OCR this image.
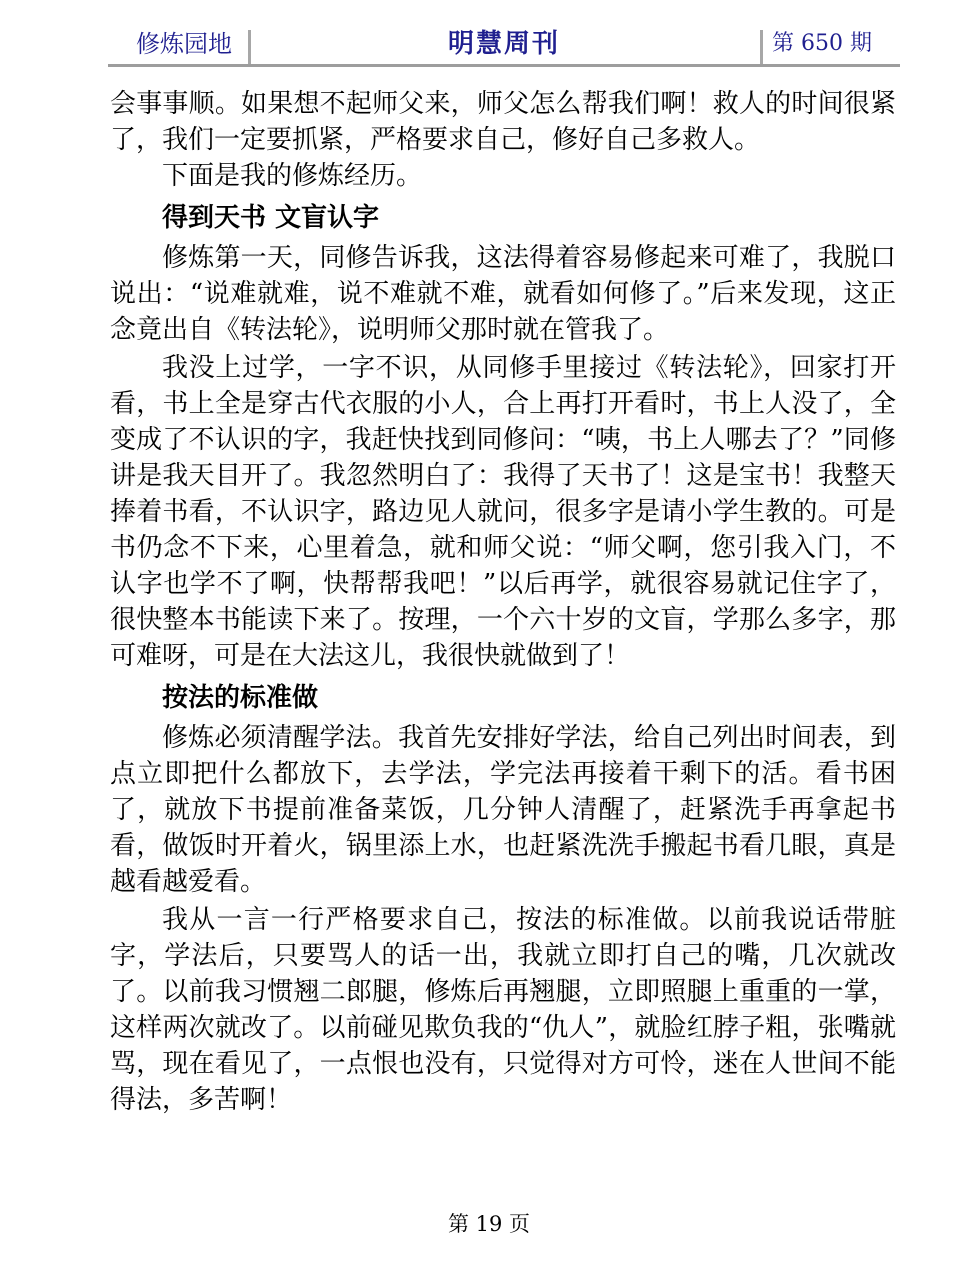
修炼园地	明慧周刊	第 650 期

会事事顺。如果想不起师父来，师父怎么帮我们啊！救人的时间很紧了，我们一定要抓紧，严格要求自己，修好自己多救人。

下面是我的修炼经历。

得到天书 文盲认字

修炼第一天，同修告诉我，这法得着容易修起来可难了，我脱口说出：“说难就难，说不难就不难，就看如何修了。”后来发现，这正念竟出自《转法轮》，说明师父那时就在管我了。

我没上过学，一字不识，从同修手里接过《转法轮》，回家打开看，书上全是穿古代衣服的小人，合上再打开看时，书上人没了，全变成了不认识的字，我赶快找到同修问：“咦，书上人哪去了？”同修讲是我天目开了。我忽然明白了：我得了天书了！这是宝书！我整天捧着书看，不认识字，路边见人就问，很多字是请小学生教的。可是书仍念不下来，心里着急，就和师父说：“师父啊，您引我入门，不认字也学不了啊，快帮帮我吧！”以后再学，就很容易就记住字了，很快整本书能读下来了。按理，一个六十岁的文盲，学那么多字，那可难呀，可是在大法这儿，我很快就做到了！

按法的标准做

修炼必须清醒学法。我首先安排好学法，给自己列出时间表，到点立即把什么都放下，去学法，学完法再接着干剩下的活。看书困了，就放下书提前准备菜饭，几分钟人清醒了，赶紧洗手再拿起书看，做饭时开着火，锅里添上水，也赶紧洗洗手搬起书看几眼，真是越看越爱看。

我从一言一行严格要求自己，按法的标准做。以前我说话带脏字，学法后，只要骂人的话一出，我就立即打自己的嘴，几次就改了。以前我习惯翘二郎腿，修炼后再翘腿，立即照腿上重重的一掌，这样两次就改了。以前碰见欺负我的“仇人”，就脸红脖子粗，张嘴就骂，现在看见了，一点恨也没有，只觉得对方可怜，迷在人世间不能得法，多苦啊！

第 19 页
